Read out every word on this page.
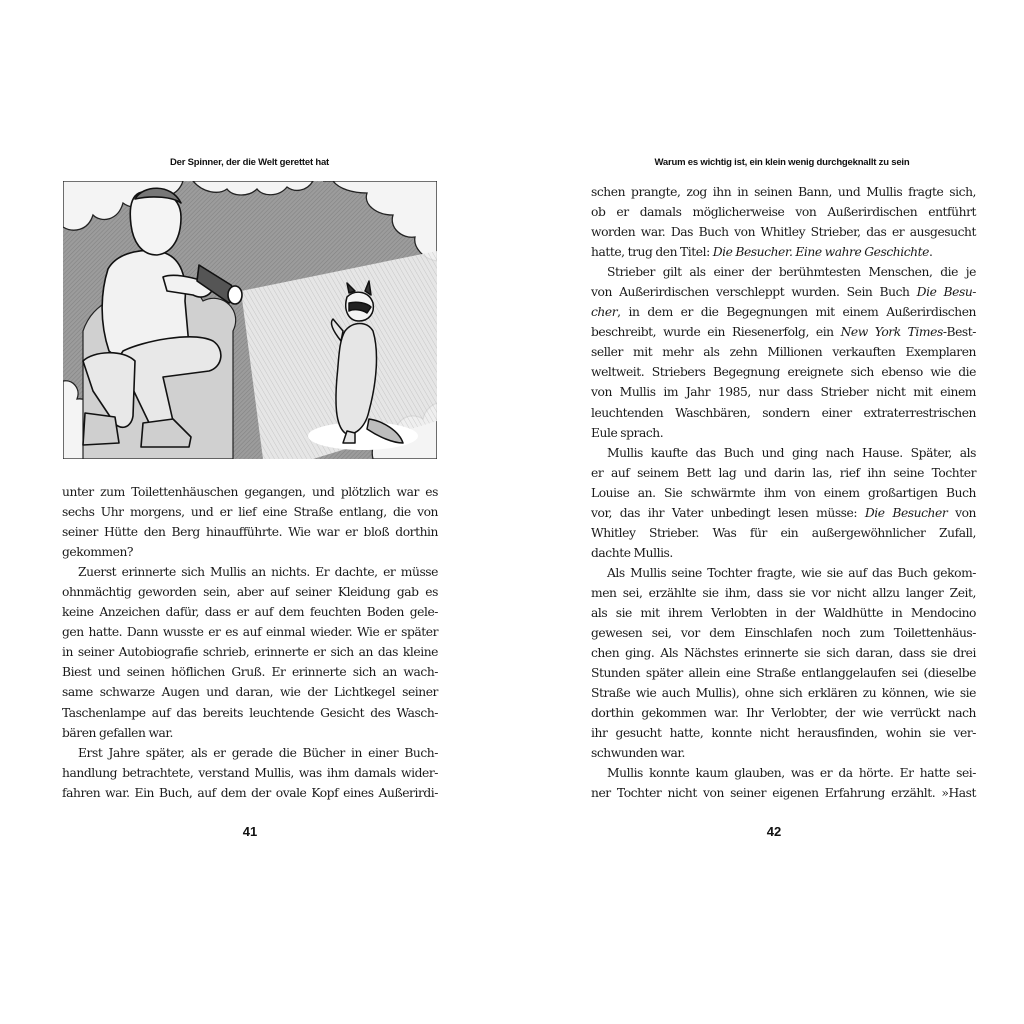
Der Spinner, der die Welt gerettet hat
unter zum Toilettenhäuschen gegangen, und plötzlich war es
sechs Uhr morgens, und er lief eine Straße entlang, die von
seiner Hütte den Berg hinaufführte. Wie war er bloß dorthin
gekommen?
Zuerst erinnerte sich Mullis an nichts. Er dachte, er müsse
ohnmächtig geworden sein, aber auf seiner Kleidung gab es
keine Anzeichen dafür, dass er auf dem feuchten Boden gele-
gen hatte. Dann wusste er es auf einmal wieder. Wie er später
in seiner Autobiografie schrieb, erinnerte er sich an das kleine
Biest und seinen höflichen Gruß. Er erinnerte sich an wach-
same schwarze Augen und daran, wie der Lichtkegel seiner
Taschenlampe auf das bereits leuchtende Gesicht des Wasch-
bären gefallen war.
Erst Jahre später, als er gerade die Bücher in einer Buch-
handlung betrachtete, verstand Mullis, was ihm damals wider-
fahren war. Ein Buch, auf dem der ovale Kopf eines Außerirdi-
41
Warum es wichtig ist, ein klein wenig durchgeknallt zu sein
schen prangte, zog ihn in seinen Bann, und Mullis fragte sich,
ob er damals möglicherweise von Außerirdischen entführt
worden war. Das Buch von Whitley Strieber, das er ausgesucht
hatte, trug den Titel: Die Besucher. Eine wahre Geschichte.
Strieber gilt als einer der berühmtesten Menschen, die je
von Außerirdischen verschleppt wurden. Sein Buch Die Besu-
cher, in dem er die Begegnungen mit einem Außerirdischen
beschreibt, wurde ein Riesenerfolg, ein New York Times-Best-
seller mit mehr als zehn Millionen verkauften Exemplaren
weltweit. Striebers Begegnung ereignete sich ebenso wie die
von Mullis im Jahr 1985, nur dass Strieber nicht mit einem
leuchtenden Waschbären, sondern einer extraterrestrischen
Eule sprach.
Mullis kaufte das Buch und ging nach Hause. Später, als
er auf seinem Bett lag und darin las, rief ihn seine Tochter
Louise an. Sie schwärmte ihm von einem großartigen Buch
vor, das ihr Vater unbedingt lesen müsse: Die Besucher von
Whitley Strieber. Was für ein außergewöhnlicher Zufall,
dachte Mullis.
Als Mullis seine Tochter fragte, wie sie auf das Buch gekom-
men sei, erzählte sie ihm, dass sie vor nicht allzu langer Zeit,
als sie mit ihrem Verlobten in der Waldhütte in Mendocino
gewesen sei, vor dem Einschlafen noch zum Toilettenhäus-
chen ging. Als Nächstes erinnerte sie sich daran, dass sie drei
Stunden später allein eine Straße entlanggelaufen sei (dieselbe
Straße wie auch Mullis), ohne sich erklären zu können, wie sie
dorthin gekommen war. Ihr Verlobter, der wie verrückt nach
ihr gesucht hatte, konnte nicht herausfinden, wohin sie ver-
schwunden war.
Mullis konnte kaum glauben, was er da hörte. Er hatte sei-
ner Tochter nicht von seiner eigenen Erfahrung erzählt. »Hast
42
